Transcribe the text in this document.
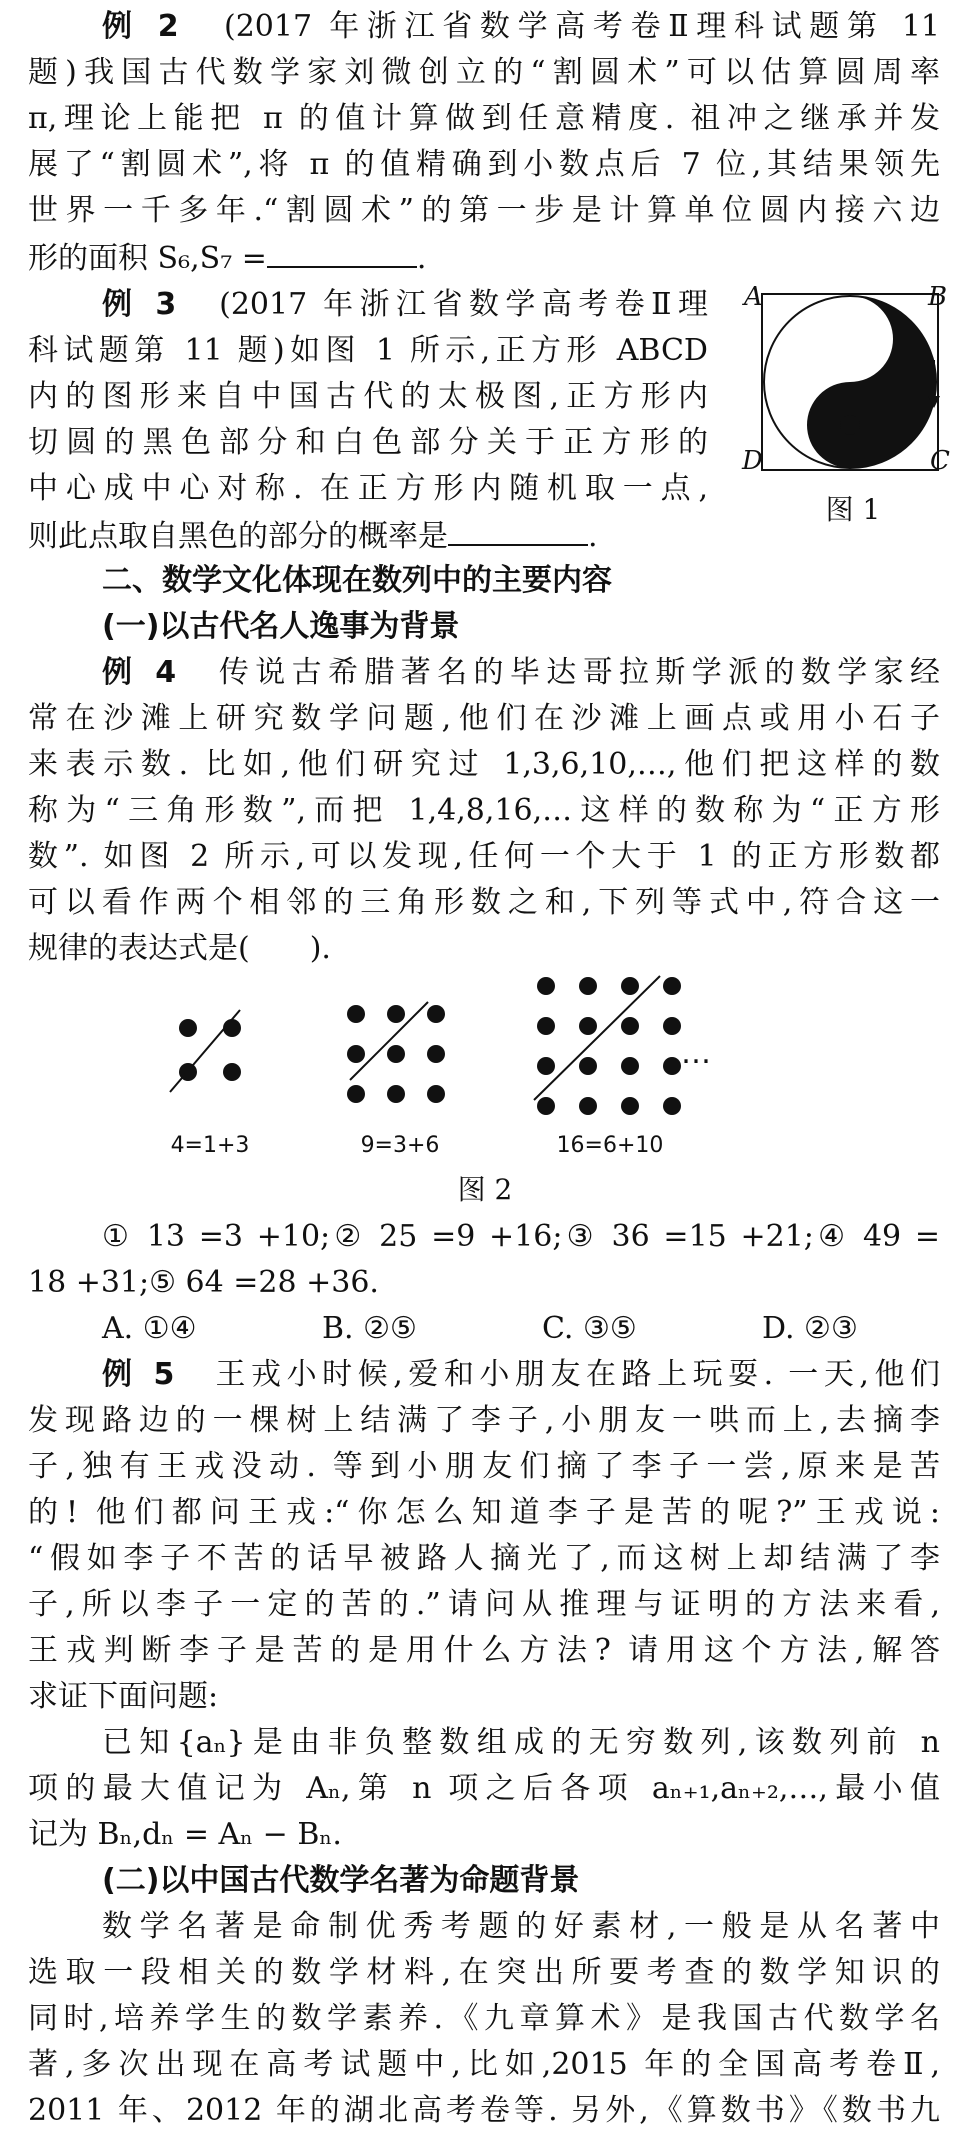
例 2　 (2017 年浙江省数学高考卷Ⅱ理科试题第 11
题)我国古代数学家刘微创立的“割圆术”可以估算圆周率
π,理论上能把 π 的值计算做到任意精度. 祖冲之继承并发
展了“割圆术”,将 π 的值精确到小数点后 7 位,其结果领先
世界一千多年.“割圆术”的第一步是计算单位圆内接六边
形的面积 S₆,S₇ =	.
例 3　 (2017 年浙江省数学高考卷Ⅱ理
科试题第 11 题)如图 1 所示,正方形 ABCD
内的图形来自中国古代的太极图,正方形内
切圆的黑色部分和白色部分关于正方形的
中心成中心对称. 在正方形内随机取一点,
则此点取自黑色的部分的概率是	.
A	B
C
D
图 1
二、数学文化体现在数列中的主要内容
(一)以古代名人逸事为背景
例 4　 传说古希腊著名的毕达哥拉斯学派的数学家经
常在沙滩上研究数学问题,他们在沙滩上画点或用小石子
来表示数. 比如,他们研究过 1,3,6,10,…,他们把这样的数
称为“三角形数”,而把 1,4,8,16,…这样的数称为“正方形
数”. 如图 2 所示,可以发现,任何一个大于 1 的正方形数都
可以看作两个相邻的三角形数之和,下列等式中,符合这一
规律的表达式是(　　).
…
4=1+3	9=3+6	16=6+10
图 2
① 13 =3 +10;② 25 =9 +16;③ 36 =15 +21;④ 49 =
18 +31;⑤ 64 =28 +36.
A. ①④	B. ②⑤	C. ③⑤	D. ②③
例 5　 王戎小时候,爱和小朋友在路上玩耍. 一天,他们
发现路边的一棵树上结满了李子,小朋友一哄而上,去摘李
子,独有王戎没动. 等到小朋友们摘了李子一尝,原来是苦
的! 他们都问王戎:“你怎么知道李子是苦的呢?”王戎说:
“假如李子不苦的话早被路人摘光了,而这树上却结满了李
子,所以李子一定的苦的.”请问从推理与证明的方法来看,
王戎判断李子是苦的是用什么方法? 请用这个方法,解答
求证下面问题:
已知{aₙ}是由非负整数组成的无穷数列,该数列前 n
项的最大值记为 Aₙ,第 n 项之后各项 aₙ₊₁,aₙ₊₂,…,最小值
记为 Bₙ,dₙ = Aₙ − Bₙ.
(二)以中国古代数学名著为命题背景
数学名著是命制优秀考题的好素材,一般是从名著中
选取一段相关的数学材料,在突出所要考查的数学知识的
同时,培养学生的数学素养.《九章算术》是我国古代数学名
著,多次出现在高考试题中,比如,2015 年的全国高考卷Ⅱ,
2011 年、2012 年的湖北高考卷等. 另外,《算数书》《数书九
